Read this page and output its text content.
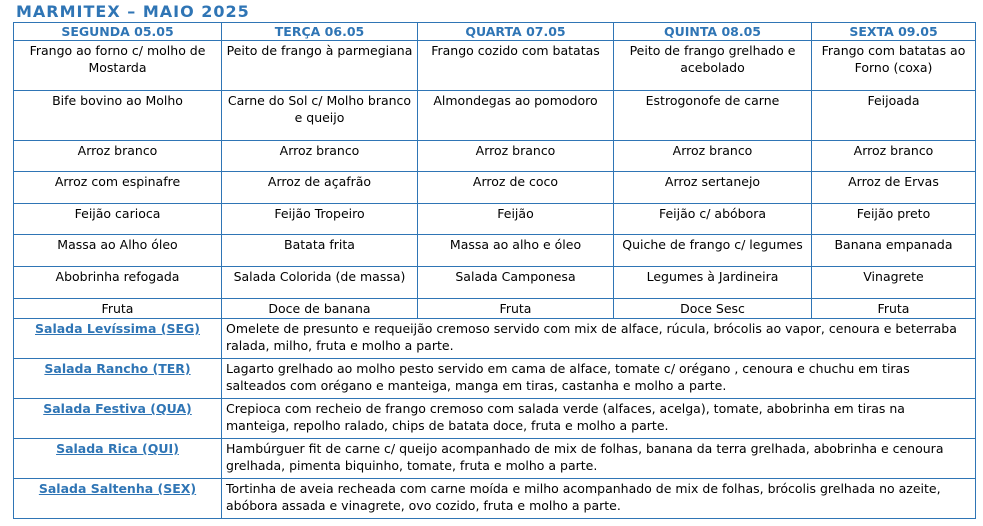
MARMITEX – MAIO 2025
SEGUNDA 05.05	TERÇA 06.05	QUARTA 07.05	QUINTA 08.05	SEXTA 09.05
Frango ao forno c/ molho de Mostarda	Peito de frango à parmegiana	Frango cozido com batatas	Peito de frango grelhado e acebolado	Frango com batatas ao Forno (coxa)
Bife bovino ao Molho	Carne do Sol c/ Molho branco e queijo	Almondegas ao pomodoro	Estrogonofe de carne	Feijoada
Arroz branco	Arroz branco	Arroz branco	Arroz branco	Arroz branco
Arroz com espinafre	Arroz de açafrão	Arroz de coco	Arroz sertanejo	Arroz de Ervas
Feijão carioca	Feijão Tropeiro	Feijão	Feijão c/ abóbora	Feijão preto
Massa ao Alho óleo	Batata frita	Massa ao alho e óleo	Quiche de frango c/ legumes	Banana empanada
Abobrinha refogada	Salada Colorida (de massa)	Salada Camponesa	Legumes à Jardineira	Vinagrete
Fruta	Doce de banana	Fruta	Doce Sesc	Fruta
Salada Levíssima (SEG)	Omelete de presunto e requeijão cremoso servido com mix de alface, rúcula, brócolis ao vapor, cenoura e beterraba ralada, milho, fruta e molho a parte.			
Salada Rancho (TER)	Lagarto grelhado ao molho pesto servido em cama de alface, tomate c/ orégano , cenoura e chuchu em tiras salteados com orégano e manteiga, manga em tiras, castanha e molho a parte.			
Salada Festiva (QUA)	Crepioca com recheio de frango cremoso com salada verde (alfaces, acelga), tomate, abobrinha em tiras na manteiga, repolho ralado, chips de batata doce, fruta e molho a parte.			
Salada Rica (QUI)	Hambúrguer fit de carne c/ queijo acompanhado de mix de folhas, banana da terra grelhada, abobrinha e cenoura grelhada, pimenta biquinho, tomate, fruta e molho a parte.			
Salada Saltenha (SEX)	Tortinha de aveia recheada com carne moída e milho acompanhado de mix de folhas, brócolis grelhada no azeite, abóbora assada e vinagrete, ovo cozido, fruta e molho a parte.			
